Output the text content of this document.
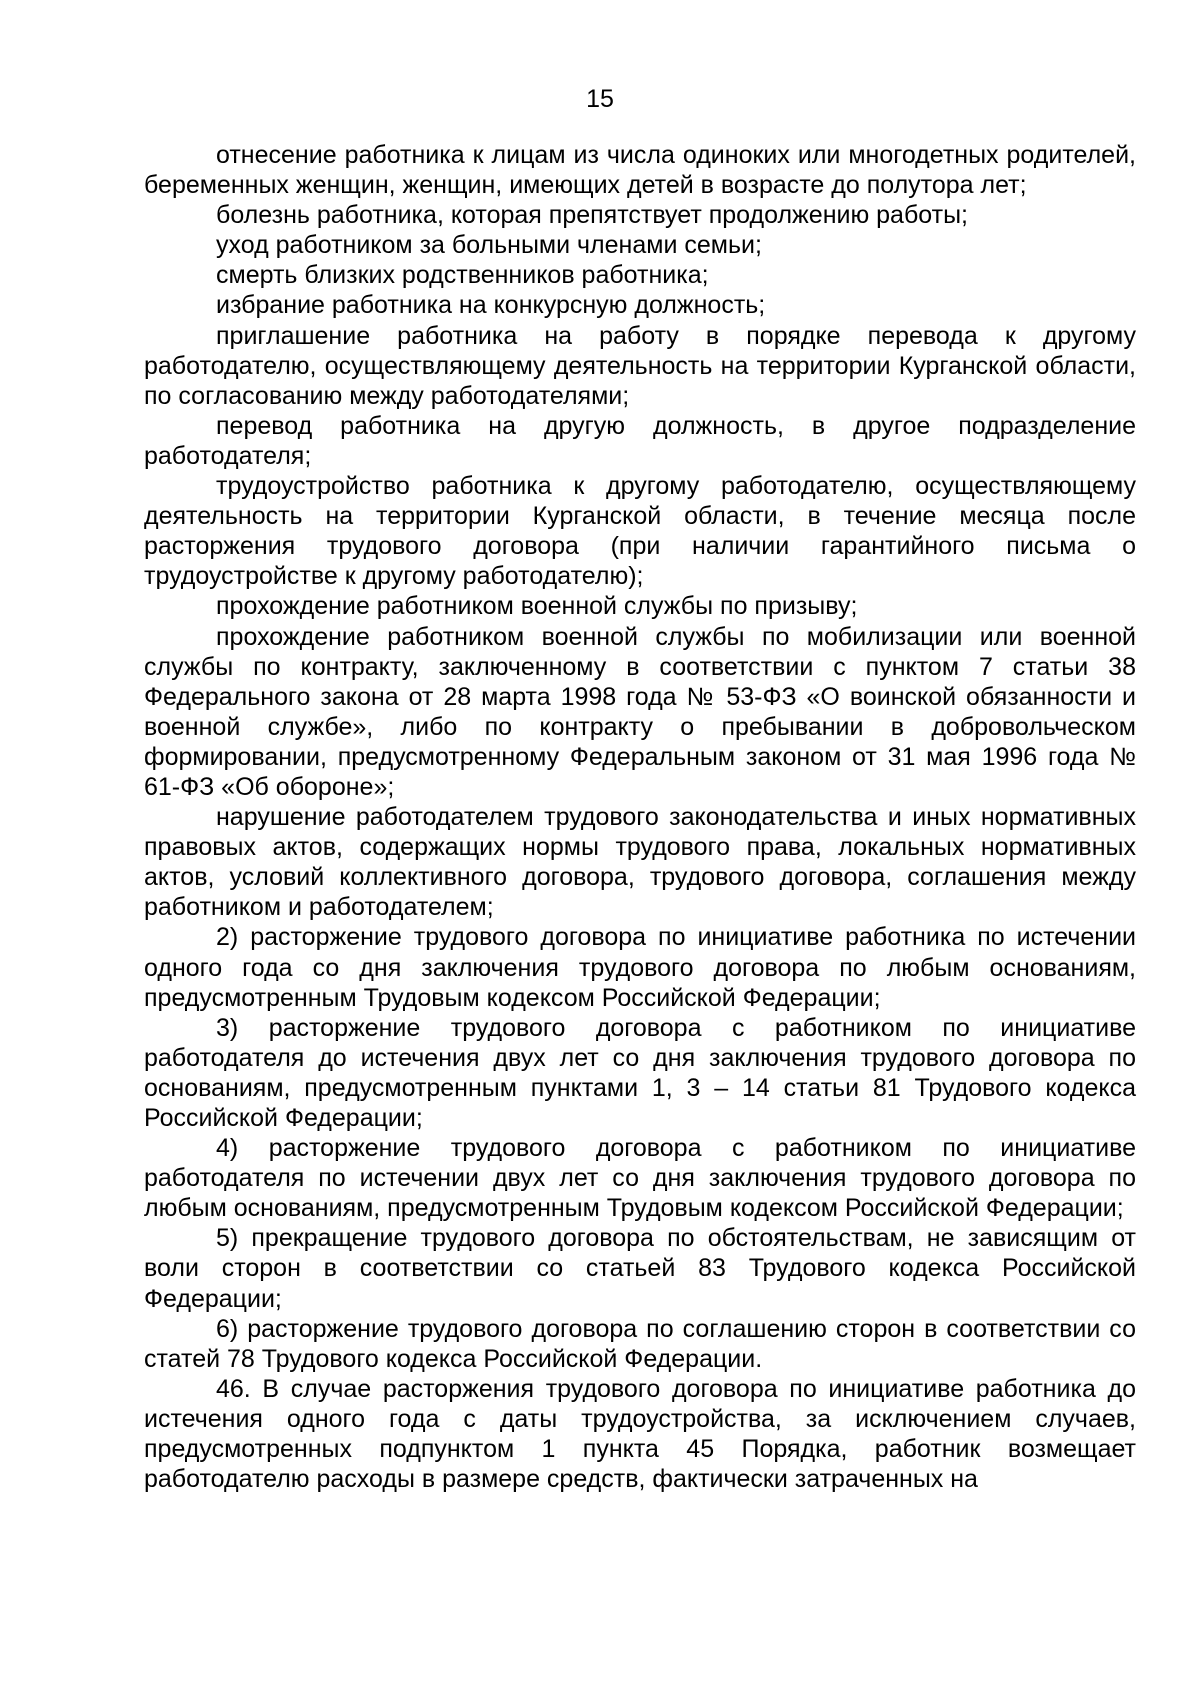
15

отнесение работника к лицам из числа одиноких или многодетных родителей, беременных женщин, женщин, имеющих детей в возрасте до полутора лет;

болезнь работника, которая препятствует продолжению работы;

уход работником за больными членами семьи;

смерть близких родственников работника;

избрание работника на конкурсную должность;

приглашение работника на работу в порядке перевода к другому работодателю, осуществляющему деятельность на территории Курганской области, по согласованию между работодателями;

перевод работника на другую должность, в другое подразделение работодателя;

трудоустройство работника к другому работодателю, осуществляющему деятельность на территории Курганской области, в течение месяца после расторжения трудового договора (при наличии гарантийного письма о трудоустройстве к другому работодателю);

прохождение работником военной службы по призыву;

прохождение работником военной службы по мобилизации или военной службы по контракту, заключенному в соответствии с пунктом 7 статьи 38 Федерального закона от 28 марта 1998 года № 53-ФЗ «О воинской обязанности и военной службе», либо по контракту о пребывании в добровольческом формировании, предусмотренному Федеральным законом от 31 мая 1996 года № 61-ФЗ «Об обороне»;

нарушение работодателем трудового законодательства и иных нормативных правовых актов, содержащих нормы трудового права, локальных нормативных актов, условий коллективного договора, трудового договора, соглашения между работником и работодателем;

2) расторжение трудового договора по инициативе работника по истечении одного года со дня заключения трудового договора по любым основаниям, предусмотренным Трудовым кодексом Российской Федерации;

3) расторжение трудового договора с работником по инициативе работодателя до истечения двух лет со дня заключения трудового договора по основаниям, предусмотренным пунктами 1, 3 – 14 статьи 81 Трудового кодекса Российской Федерации;

4) расторжение трудового договора с работником по инициативе работодателя по истечении двух лет со дня заключения трудового договора по любым основаниям, предусмотренным Трудовым кодексом Российской Федерации;

5) прекращение трудового договора по обстоятельствам, не зависящим от воли сторон в соответствии со статьей 83 Трудового кодекса Российской Федерации;

6) расторжение трудового договора по соглашению сторон в соответствии со статей 78 Трудового кодекса Российской Федерации.

46. В случае расторжения трудового договора по инициативе работника до истечения одного года с даты трудоустройства, за исключением случаев, предусмотренных подпунктом 1 пункта 45 Порядка, работник возмещает работодателю расходы в размере средств, фактически затраченных на
